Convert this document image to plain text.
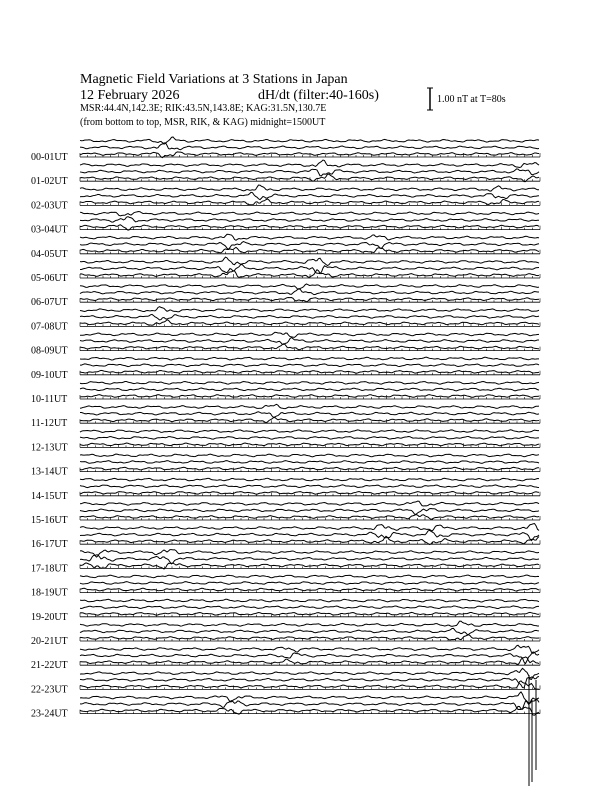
Magnetic Field Variations at 3 Stations in Japan
12 February 2026	dH/dt (filter:40-160s)
MSR:44.4N,142.3E; RIK:43.5N,143.8E; KAG:31.5N,130.7E
(from bottom to top, MSR, RIK, & KAG) midnight=1500UT
1.00 nT at T=80s
00-01UT
01-02UT
02-03UT
03-04UT
04-05UT
05-06UT
06-07UT
07-08UT
08-09UT
09-10UT
10-11UT
11-12UT
12-13UT
13-14UT
14-15UT
15-16UT
16-17UT
17-18UT
18-19UT
19-20UT
20-21UT
21-22UT
22-23UT
23-24UT
